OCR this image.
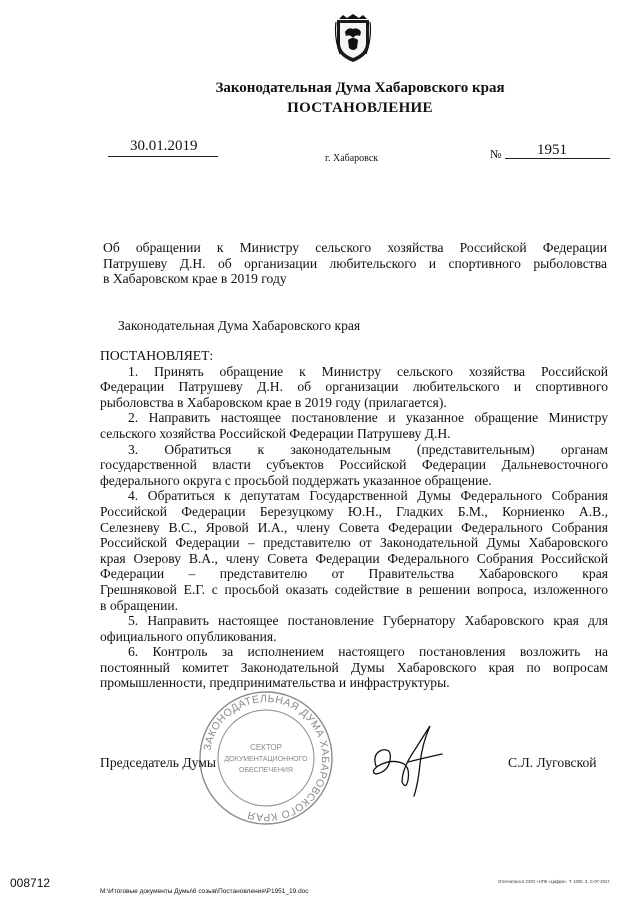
Законодательная Дума Хабаровского края
ПОСТАНОВЛЕНИЕ
30.01.2019
г. Хабаровск	№ 1951
Об обращении к Министру сельского хозяйства Российской Федерации
Патрушеву Д.Н. об организации любительского и спортивного рыболовства
в Хабаровском крае в 2019 году
Законодательная Дума Хабаровского края
ПОСТАНОВЛЯЕТ:
1. Принять обращение к Министру сельского хозяйства Российской
Федерации Патрушеву Д.Н. об организации любительского и спортивного
рыболовства в Хабаровском крае в 2019 году (прилагается).
2. Направить настоящее постановление и указанное обращение Министру
сельского хозяйства Российской Федерации Патрушеву Д.Н.
3. Обратиться к законодательным (представительным) органам
государственной власти субъектов Российской Федерации Дальневосточного
федерального округа с просьбой поддержать указанное обращение.
4. Обратиться к депутатам Государственной Думы Федерального Собрания
Российской Федерации Березуцкому Ю.Н., Гладких Б.М., Корниенко А.В.,
Селезневу В.С., Яровой И.А., члену Совета Федерации Федерального Собрания
Российской Федерации – представителю от Законодательной Думы Хабаровского
края Озерову В.А., члену Совета Федерации Федерального Собрания Российской
Федерации – представителю от Правительства Хабаровского края
Грешняковой Е.Г. с просьбой оказать содействие в решении вопроса, изложенного
в обращении.
5. Направить настоящее постановление Губернатору Хабаровского края для
официального опубликования.
6. Контроль за исполнением настоящего постановления возложить на
постоянный комитет Законодательной Думы Хабаровского края по вопросам
промышленности, предпринимательства и инфраструктуры.
ЗАКОНОДАТЕЛЬНАЯ ДУМА ХАБАРОВСКОГО КРАЯ
СЕКТОР
ДОКУМЕНТАЦИОННОГО
ОБЕСПЕЧЕНИЯ
Председатель Думы	С.Л. Луговской
008712
M:\Итоговые документы Думы\6 созыв\Постановления\P1951_19.doc
Отпечатано в ООО «НПК «Цифра». Т. 1000. З. С-07-2017.
